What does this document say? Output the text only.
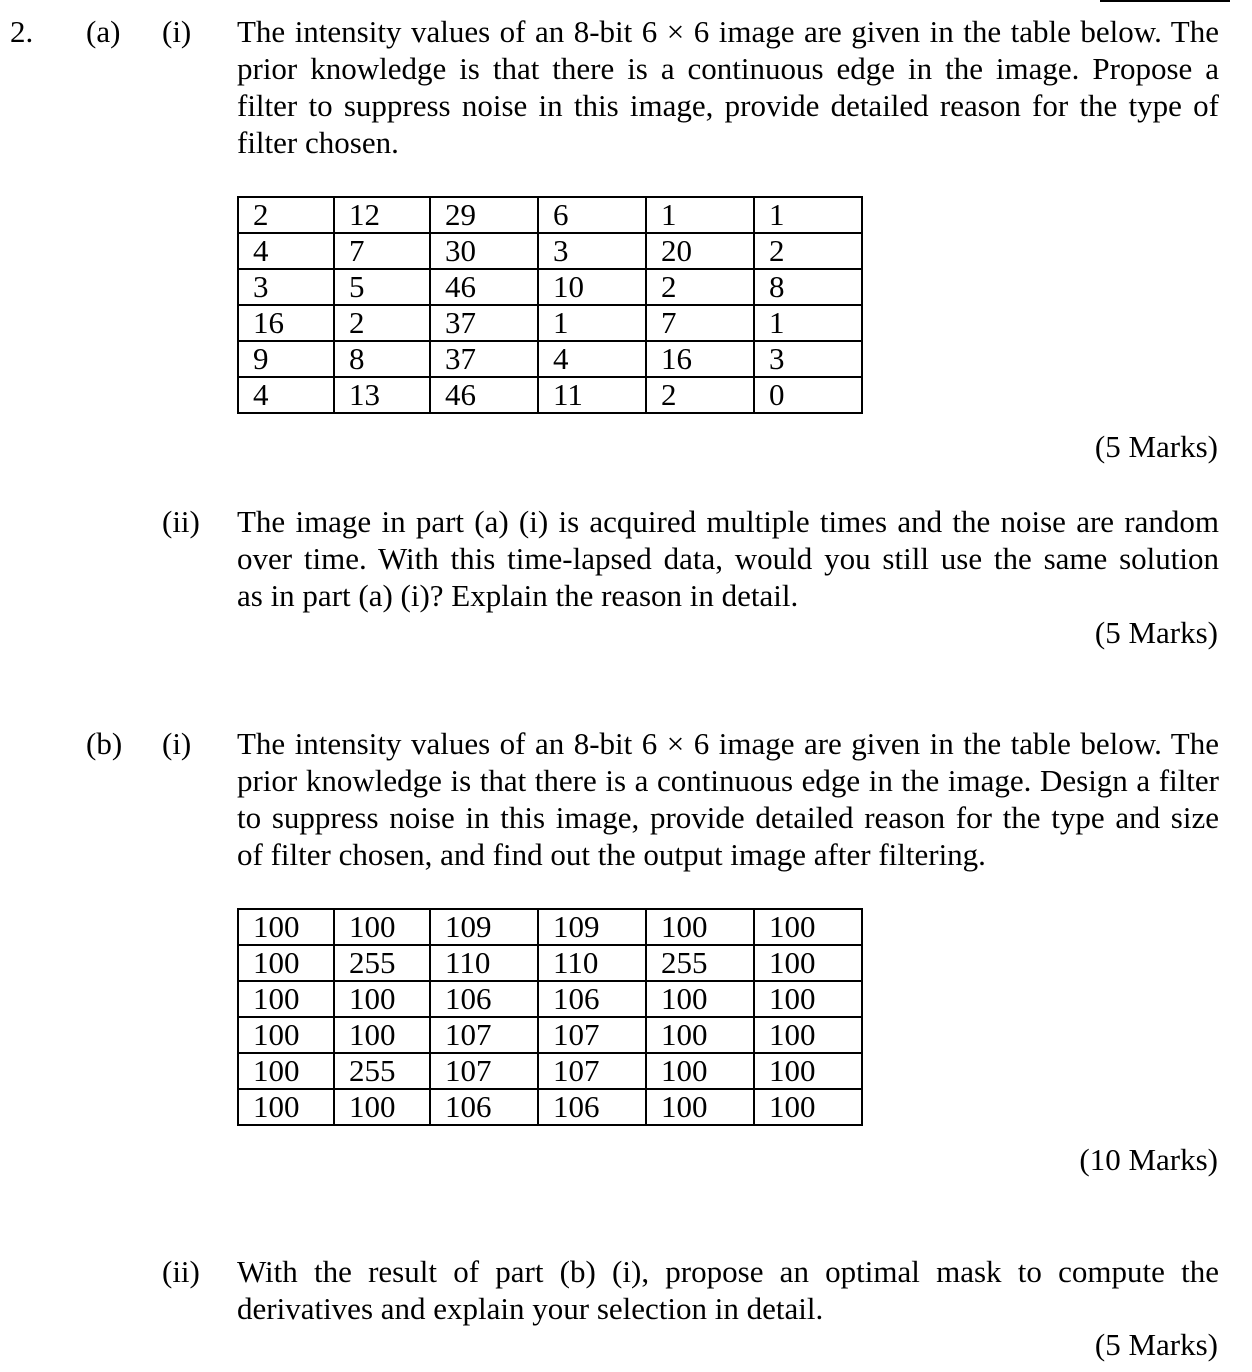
2. (a) (i) The intensity values of an 8-bit 6 × 6 image are given in the table below. The
prior knowledge is that there is a continuous edge in the image. Propose a
filter to suppress noise in this image, provide detailed reason for the type of
filter chosen.
2	12	29	6	1	1
4	7	30	3	20	2
3	5	46	10	2	8
16	2	37	1	7	1
9	8	37	4	16	3
4	13	46	11	2	0
(5 Marks)
(ii) The image in part (a) (i) is acquired multiple times and the noise are random
over time. With this time-lapsed data, would you still use the same solution
as in part (a) (i)? Explain the reason in detail.
(5 Marks)
(b) (i) The intensity values of an 8-bit 6 × 6 image are given in the table below. The
prior knowledge is that there is a continuous edge in the image. Design a filter
to suppress noise in this image, provide detailed reason for the type and size
of filter chosen, and find out the output image after filtering.
100	100	109	109	100	100
100	255	110	110	255	100
100	100	106	106	100	100
100	100	107	107	100	100
100	255	107	107	100	100
100	100	106	106	100	100
(10 Marks)
(ii) With the result of part (b) (i), propose an optimal mask to compute the
derivatives and explain your selection in detail.
(5 Marks)
